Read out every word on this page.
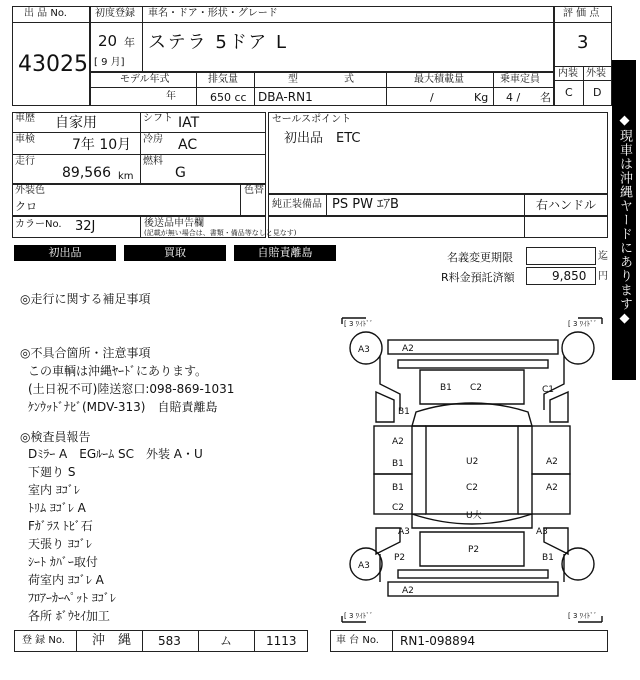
出 品 No.
43025
初度登録 車名・ドア・形状・グレード
20 年
[ 9 月]
ステラ 5ドア L
評 価 点
3
内装 外装
C D
モデル年式
年
排気量
650 cc
型	式
DBA-RN1
最大積載量
/	Kg
乗車定員
4 / 名
車歴 自家用	シフト IAT
車検	7年 10月 冷房 AC
走行
89,566 km
燃料
G
外装色
クロ
色替
カラーNo. 32J	後送品申告欄
(記載が無い場合は、書類・備品等なしと見なす)
セールスポイント
初出品　ETC
純正装備品 PS PW ｴｱB	右ハンドル
初出品	買取	自賠責離島	名義変更期限	迄
R料金預託済額	9,850 円
◎走行に関する補足事項
◎不具合箇所・注意事項
この車輌は沖縄ﾔｰﾄﾞにあります。
(土日祝不可)陸送窓口:098-869-1031
ｹﾝｳｯﾄﾞﾅﾋﾞ(MDV-313)　自賠責離島
◎検査員報告
Dﾐﾗｰ A　EGﾙｰﾑ SC　外装 A・U
下廻り S
室内 ﾖｺﾞﾚ
ﾄﾘﾑ ﾖｺﾞﾚ A
Fｶﾞﾗｽ ﾄﾋﾞ石
天張り ﾖｺﾞﾚ
ｼｰﾄ ｶﾊﾞｰ取付
荷室内 ﾖｺﾞﾚ A
ﾌﾛｱｰｶｰﾍﾟｯﾄ ﾖｺﾞﾚ
各所 ﾎﾞｳｾｲ加工
[ 3 ﾜｲﾄﾞﾞ	[ 3 ﾜｲﾄﾞﾞ
[ 3 ﾜｲﾄﾞﾞ	[ 3 ﾜｲﾄﾞﾞ
A3	A2
B1 C2	C1
B1
A2
B1	U2	A2
B1
C2
C2	A2
U大
A3	A3
P2	B1
P2
A3
A2
◆現車は沖縄ヤードにあります◆
登 録 No. 沖　縄 583	ム	1113	車 台 No. RN1-098894
